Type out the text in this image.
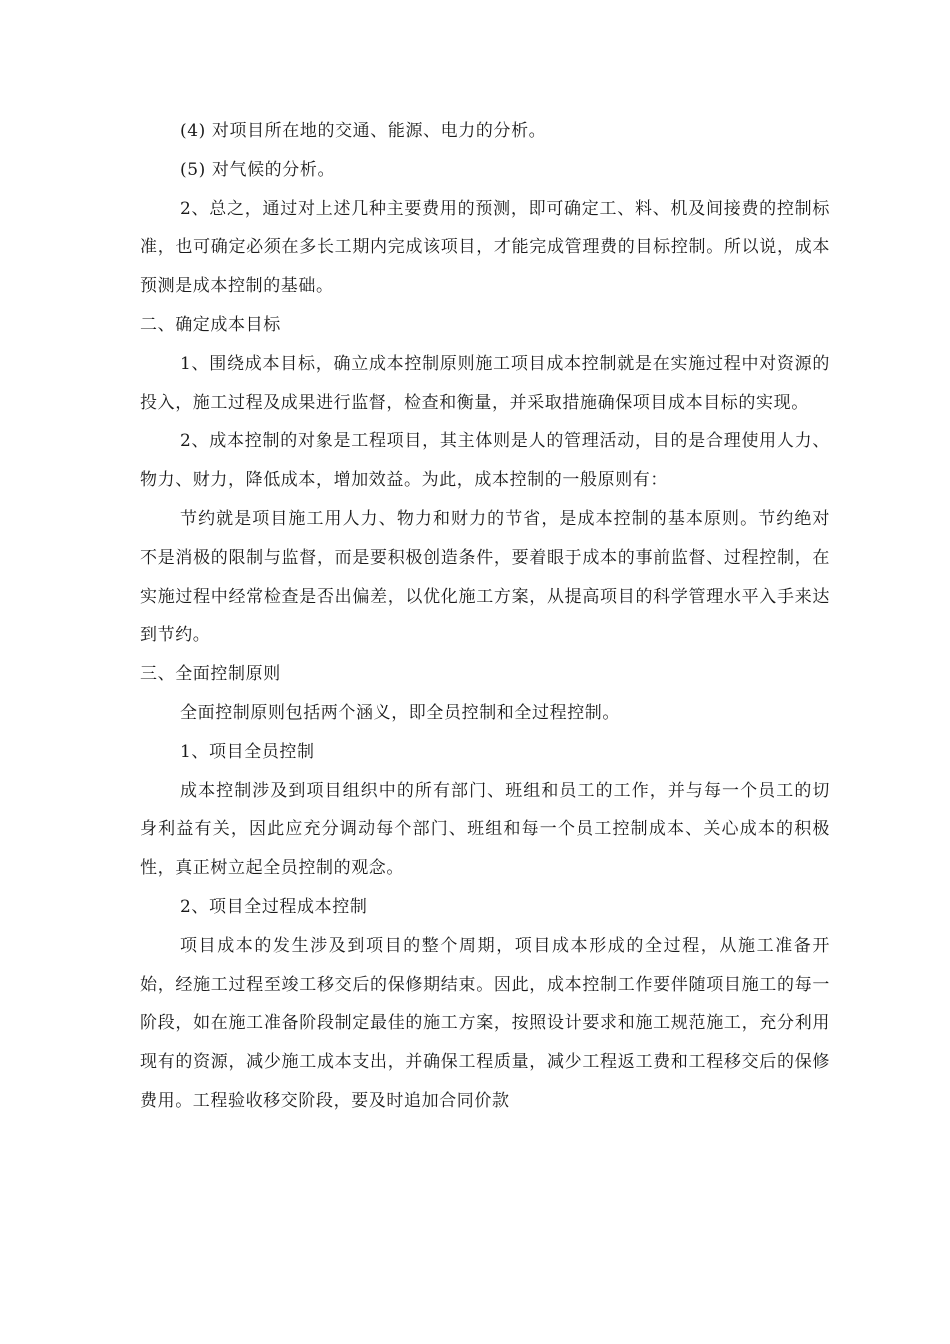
(4) 对项目所在地的交通、能源、电力的分析。

(5) 对气候的分析。

2、总之，通过对上述几种主要费用的预测，即可确定工、料、机及间接费的控制标准，也可确定必须在多长工期内完成该项目，才能完成管理费的目标控制。所以说，成本预测是成本控制的基础。

二、确定成本目标

1、围绕成本目标，确立成本控制原则施工项目成本控制就是在实施过程中对资源的投入，施工过程及成果进行监督，检查和衡量，并采取措施确保项目成本目标的实现。

2、成本控制的对象是工程项目，其主体则是人的管理活动，目的是合理使用人力、物力、财力，降低成本，增加效益。为此，成本控制的一般原则有：

节约就是项目施工用人力、物力和财力的节省，是成本控制的基本原则。节约绝对不是消极的限制与监督，而是要积极创造条件，要着眼于成本的事前监督、过程控制，在实施过程中经常检查是否出偏差，以优化施工方案，从提高项目的科学管理水平入手来达到节约。

三、全面控制原则

全面控制原则包括两个涵义，即全员控制和全过程控制。

1、项目全员控制

成本控制涉及到项目组织中的所有部门、班组和员工的工作，并与每一个员工的切身利益有关，因此应充分调动每个部门、班组和每一个员工控制成本、关心成本的积极性，真正树立起全员控制的观念。

2、项目全过程成本控制

项目成本的发生涉及到项目的整个周期，项目成本形成的全过程，从施工准备开始，经施工过程至竣工移交后的保修期结束。因此，成本控制工作要伴随项目施工的每一阶段，如在施工准备阶段制定最佳的施工方案，按照设计要求和施工规范施工，充分利用现有的资源，减少施工成本支出，并确保工程质量，减少工程返工费和工程移交后的保修费用。工程验收移交阶段，要及时追加合同价款
